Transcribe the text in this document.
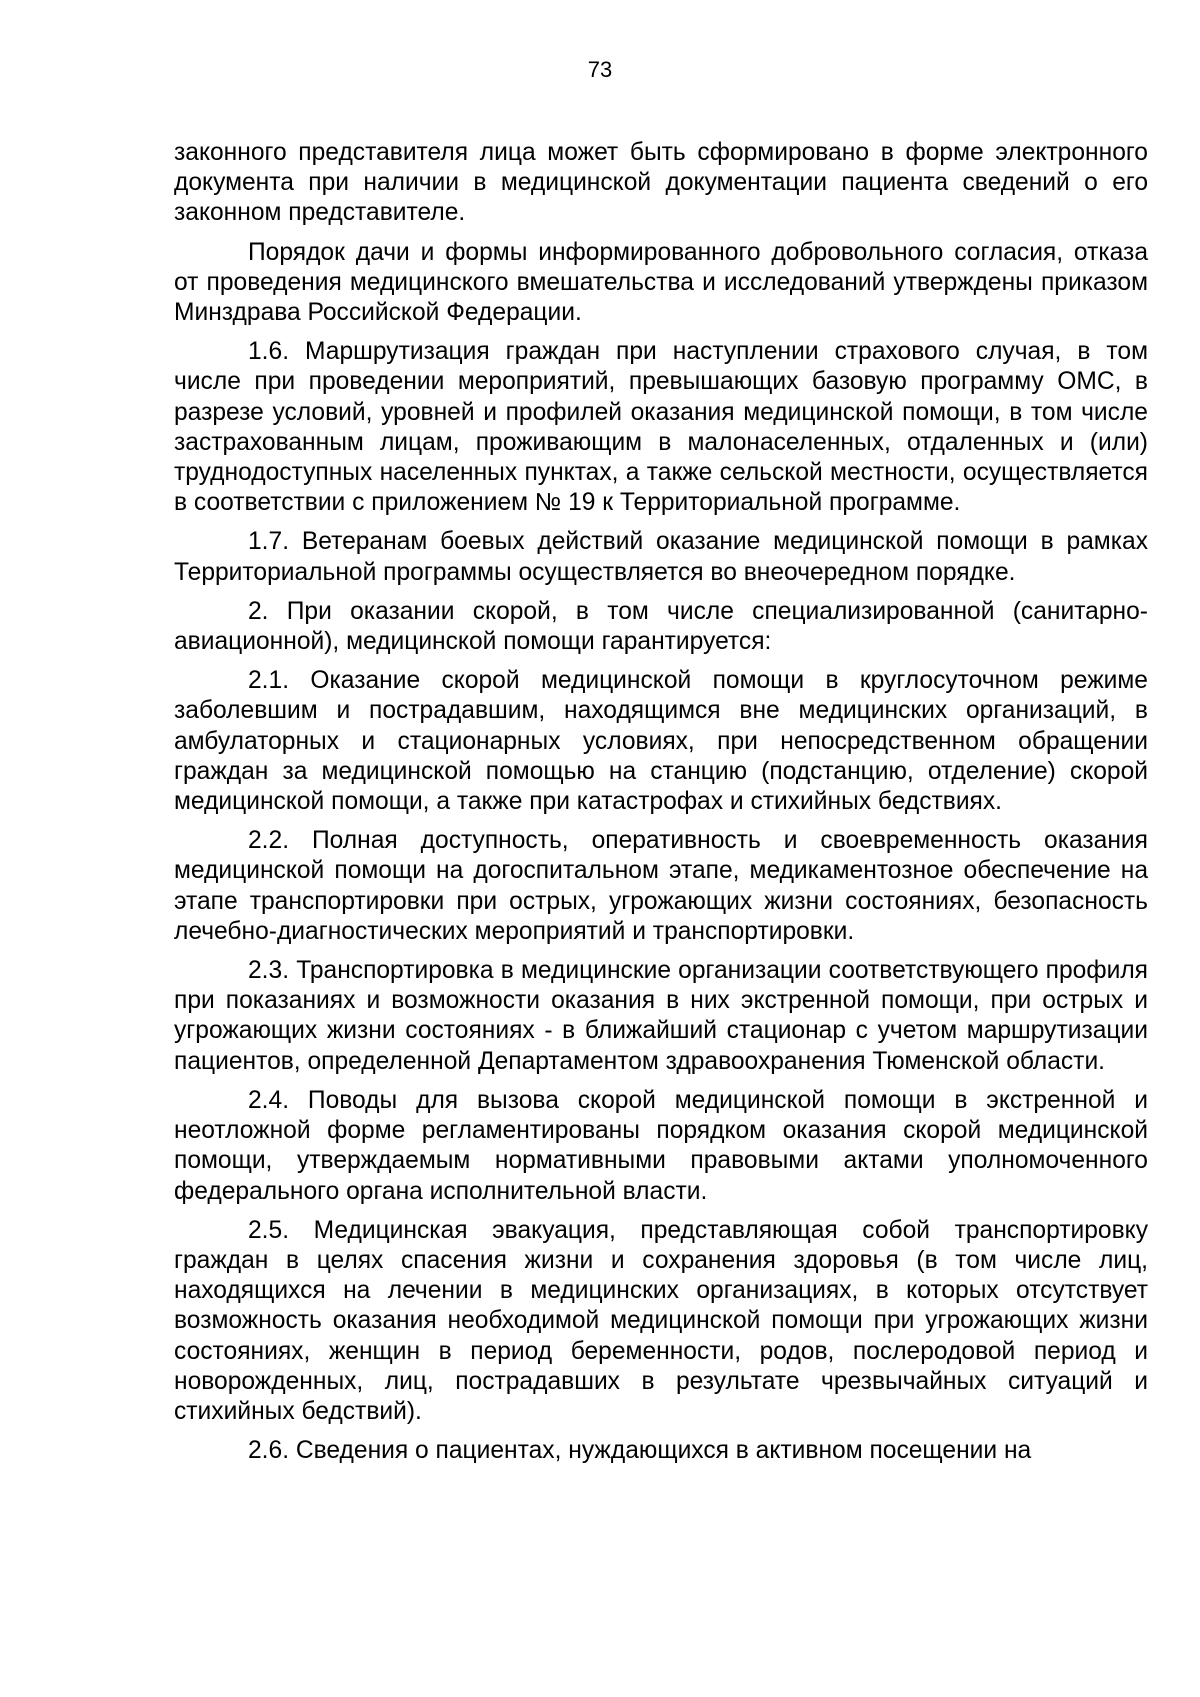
73

законного представителя лица может быть сформировано в форме электронного документа при наличии в медицинской документации пациента сведений о его законном представителе.

Порядок дачи и формы информированного добровольного согласия, отказа от проведения медицинского вмешательства и исследований утверждены приказом Минздрава Российской Федерации.

1.6. Маршрутизация граждан при наступлении страхового случая, в том числе при проведении мероприятий, превышающих базовую программу ОМС, в разрезе условий, уровней и профилей оказания медицинской помощи, в том числе застрахованным лицам, проживающим в малонаселенных, отдаленных и (или) труднодоступных населенных пунктах, а также сельской местности, осуществляется в соответствии с приложением № 19 к Территориальной программе.

1.7. Ветеранам боевых действий оказание медицинской помощи в рамках Территориальной программы осуществляется во внеочередном порядке.

2. При оказании скорой, в том числе специализированной (санитарно-авиационной), медицинской помощи гарантируется:

2.1. Оказание скорой медицинской помощи в круглосуточном режиме заболевшим и пострадавшим, находящимся вне медицинских организаций, в амбулаторных и стационарных условиях, при непосредственном обращении граждан за медицинской помощью на станцию (подстанцию, отделение) скорой медицинской помощи, а также при катастрофах и стихийных бедствиях.

2.2. Полная доступность, оперативность и своевременность оказания медицинской помощи на догоспитальном этапе, медикаментозное обеспечение на этапе транспортировки при острых, угрожающих жизни состояниях, безопасность лечебно-диагностических мероприятий и транспортировки.

2.3. Транспортировка в медицинские организации соответствующего профиля при показаниях и возможности оказания в них экстренной помощи, при острых и угрожающих жизни состояниях - в ближайший стационар с учетом маршрутизации пациентов, определенной Департаментом здравоохранения Тюменской области.

2.4. Поводы для вызова скорой медицинской помощи в экстренной и неотложной форме регламентированы порядком оказания скорой медицинской помощи, утверждаемым нормативными правовыми актами уполномоченного федерального органа исполнительной власти.

2.5. Медицинская эвакуация, представляющая собой транспортировку граждан в целях спасения жизни и сохранения здоровья (в том числе лиц, находящихся на лечении в медицинских организациях, в которых отсутствует возможность оказания необходимой медицинской помощи при угрожающих жизни состояниях, женщин в период беременности, родов, послеродовой период и новорожденных, лиц, пострадавших в результате чрезвычайных ситуаций и стихийных бедствий).

2.6. Сведения о пациентах, нуждающихся в активном посещении на
